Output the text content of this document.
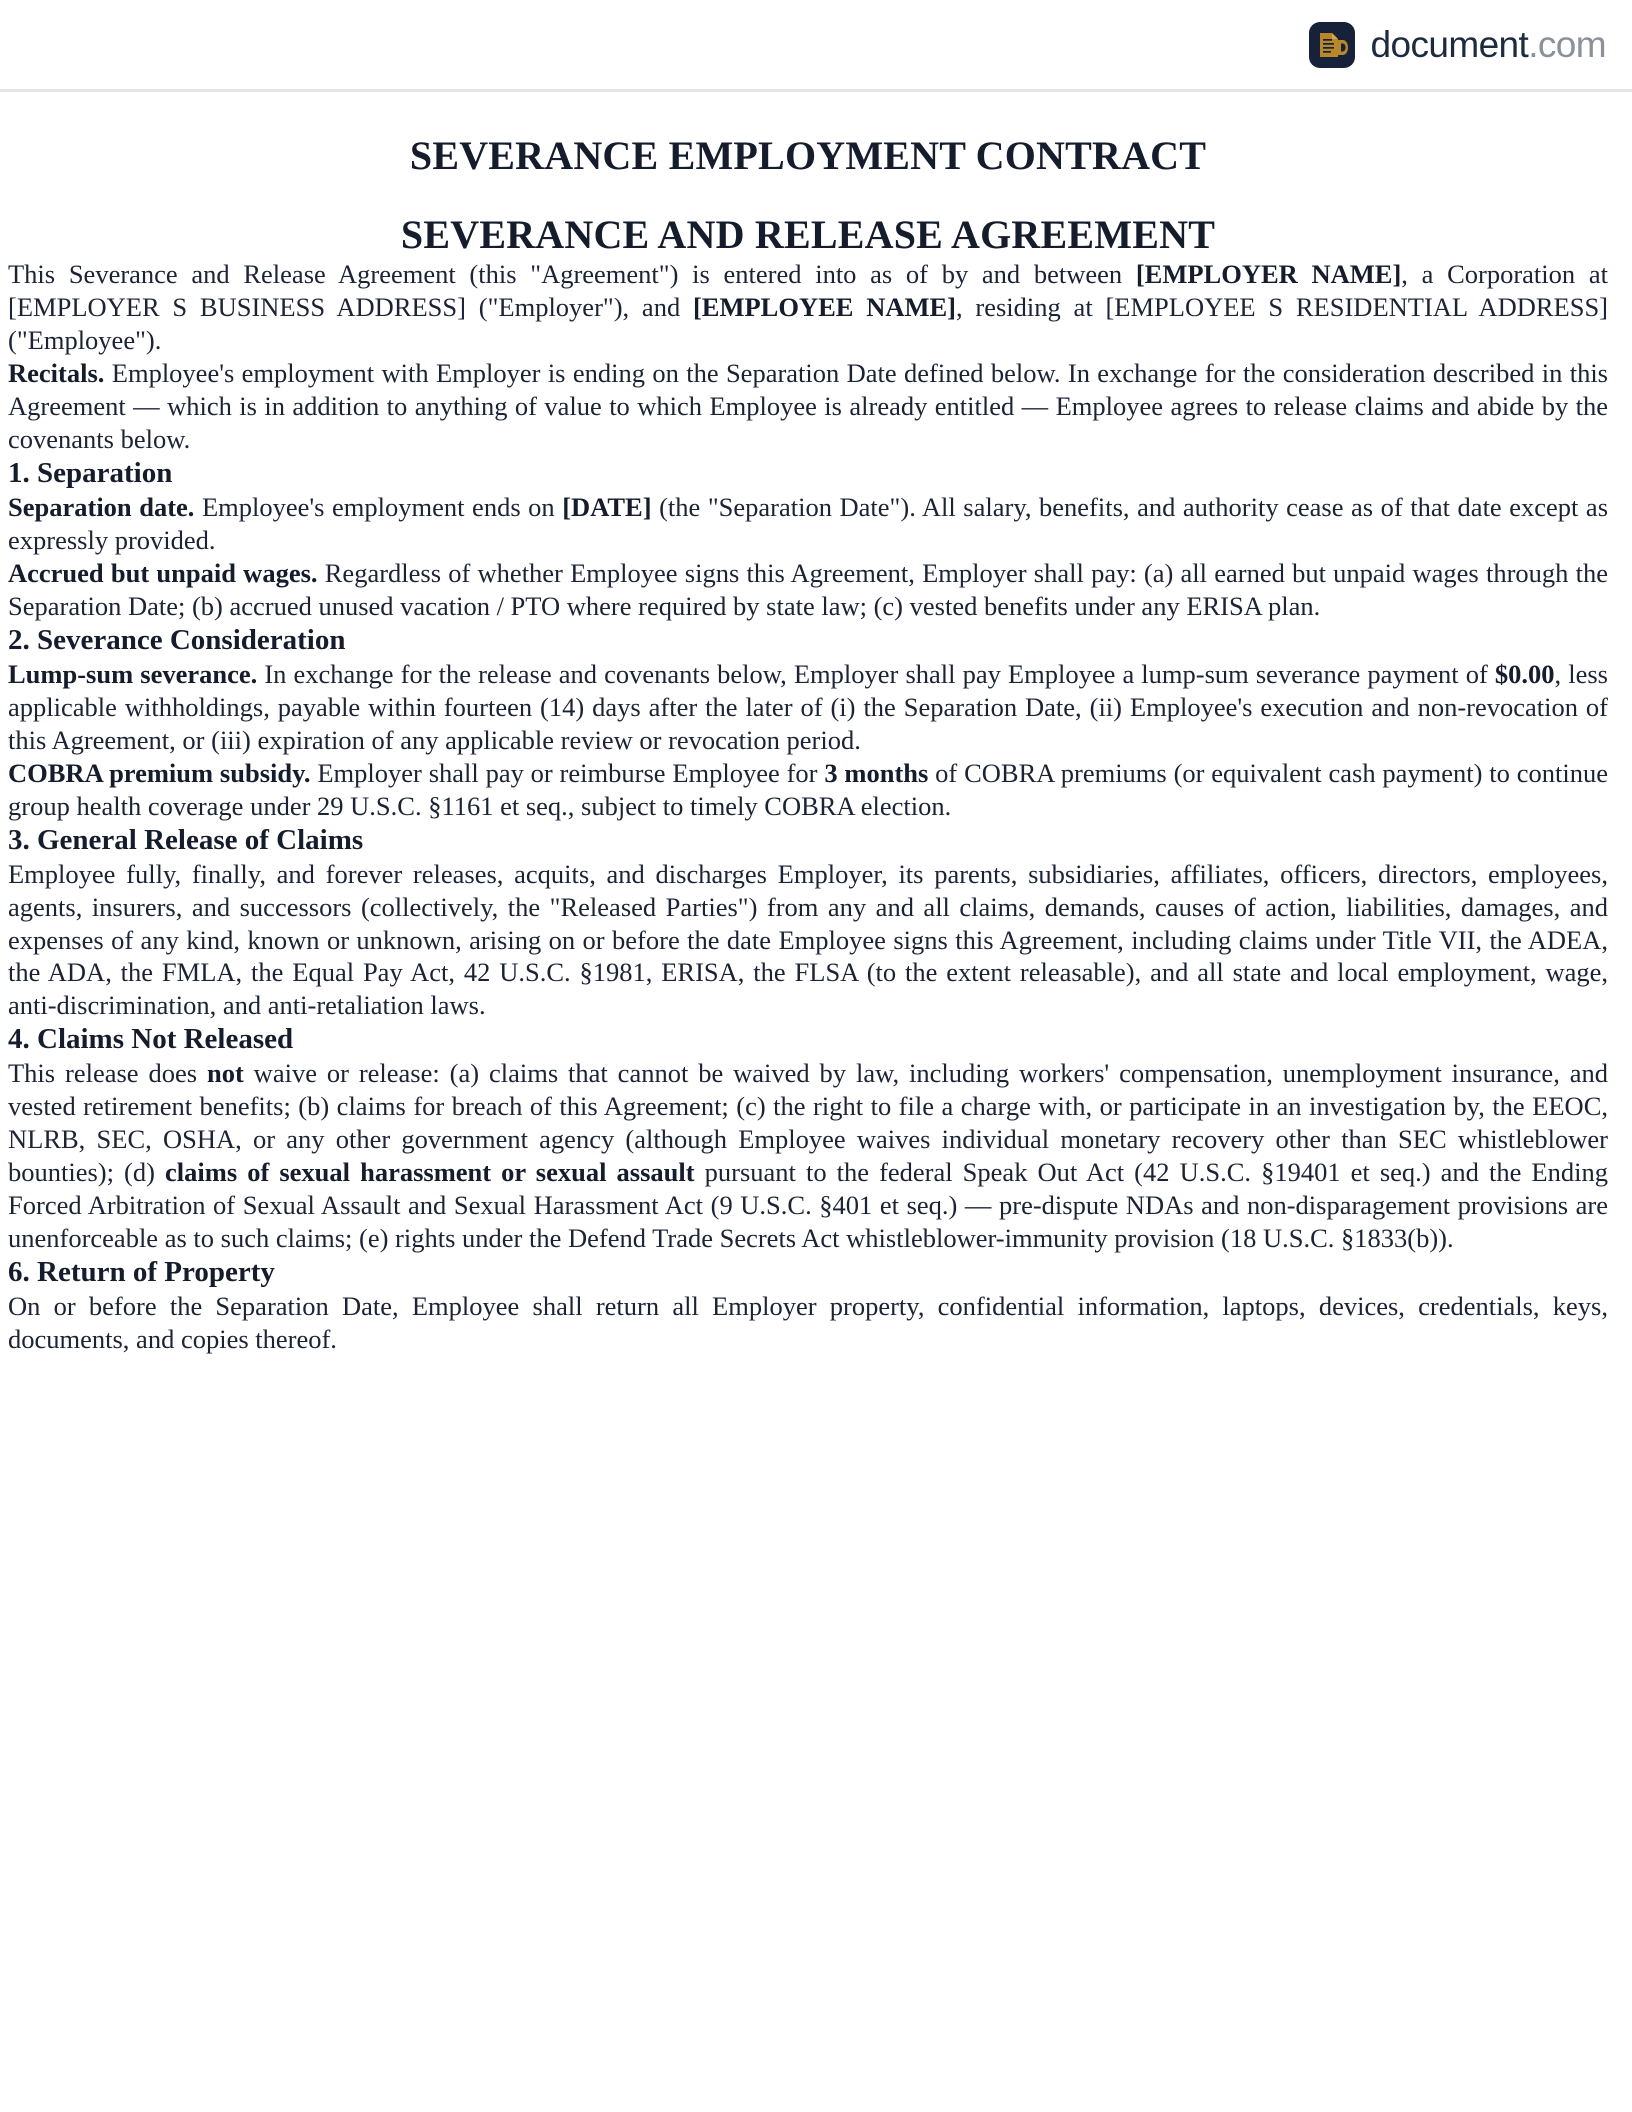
document.com
SEVERANCE EMPLOYMENT CONTRACT
SEVERANCE AND RELEASE AGREEMENT

This Severance and Release Agreement (this "Agreement") is entered into as of by and between [EMPLOYER NAME], a Corporation at [EMPLOYER S BUSINESS ADDRESS] ("Employer"), and [EMPLOYEE NAME], residing at [EMPLOYEE S RESIDENTIAL ADDRESS] ("Employee").

Recitals. Employee's employment with Employer is ending on the Separation Date defined below. In exchange for the consideration described in this Agreement — which is in addition to anything of value to which Employee is already entitled — Employee agrees to release claims and abide by the covenants below.

1. Separation

Separation date. Employee's employment ends on [DATE] (the "Separation Date"). All salary, benefits, and authority cease as of that date except as expressly provided.

Accrued but unpaid wages. Regardless of whether Employee signs this Agreement, Employer shall pay: (a) all earned but unpaid wages through the Separation Date; (b) accrued unused vacation / PTO where required by state law; (c) vested benefits under any ERISA plan.

2. Severance Consideration

Lump-sum severance. In exchange for the release and covenants below, Employer shall pay Employee a lump-sum severance payment of $0.00, less applicable withholdings, payable within fourteen (14) days after the later of (i) the Separation Date, (ii) Employee's execution and non-revocation of this Agreement, or (iii) expiration of any applicable review or revocation period.

COBRA premium subsidy. Employer shall pay or reimburse Employee for 3 months of COBRA premiums (or equivalent cash payment) to continue group health coverage under 29 U.S.C. §1161 et seq., subject to timely COBRA election.

3. General Release of Claims

Employee fully, finally, and forever releases, acquits, and discharges Employer, its parents, subsidiaries, affiliates, officers, directors, employees, agents, insurers, and successors (collectively, the "Released Parties") from any and all claims, demands, causes of action, liabilities, damages, and expenses of any kind, known or unknown, arising on or before the date Employee signs this Agreement, including claims under Title VII, the ADEA, the ADA, the FMLA, the Equal Pay Act, 42 U.S.C. §1981, ERISA, the FLSA (to the extent releasable), and all state and local employment, wage, anti-discrimination, and anti-retaliation laws.

4. Claims Not Released

This release does not waive or release: (a) claims that cannot be waived by law, including workers' compensation, unemployment insurance, and vested retirement benefits; (b) claims for breach of this Agreement; (c) the right to file a charge with, or participate in an investigation by, the EEOC, NLRB, SEC, OSHA, or any other government agency (although Employee waives individual monetary recovery other than SEC whistleblower bounties); (d) claims of sexual harassment or sexual assault pursuant to the federal Speak Out Act (42 U.S.C. §19401 et seq.) and the Ending Forced Arbitration of Sexual Assault and Sexual Harassment Act (9 U.S.C. §401 et seq.) — pre-dispute NDAs and non-disparagement provisions are unenforceable as to such claims; (e) rights under the Defend Trade Secrets Act whistleblower-immunity provision (18 U.S.C. §1833(b)).

6. Return of Property

On or before the Separation Date, Employee shall return all Employer property, confidential information, laptops, devices, credentials, keys, documents, and copies thereof.
